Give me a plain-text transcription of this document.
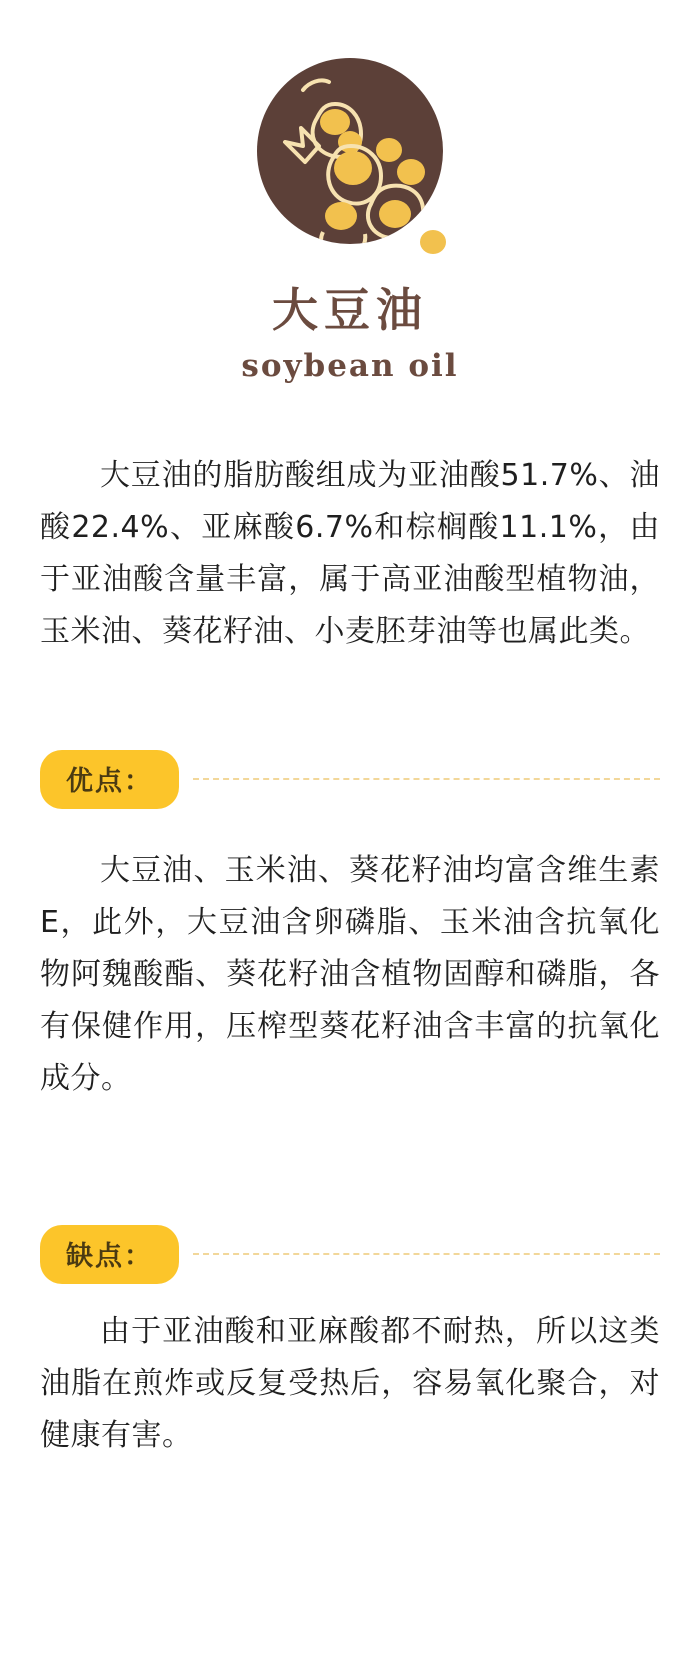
大豆油
soybean oil

大豆油的脂肪酸组成为亚油酸51.7%、油酸22.4%、亚麻酸6.7%和棕榈酸11.1%，由于亚油酸含量丰富，属于高亚油酸型植物油，玉米油、葵花籽油、小麦胚芽油等也属此类。

优点：

大豆油、玉米油、葵花籽油均富含维生素E，此外，大豆油含卵磷脂、玉米油含抗氧化物阿魏酸酯、葵花籽油含植物固醇和磷脂，各有保健作用，压榨型葵花籽油含丰富的抗氧化成分。

缺点：

由于亚油酸和亚麻酸都不耐热，所以这类油脂在煎炸或反复受热后，容易氧化聚合，对健康有害。
